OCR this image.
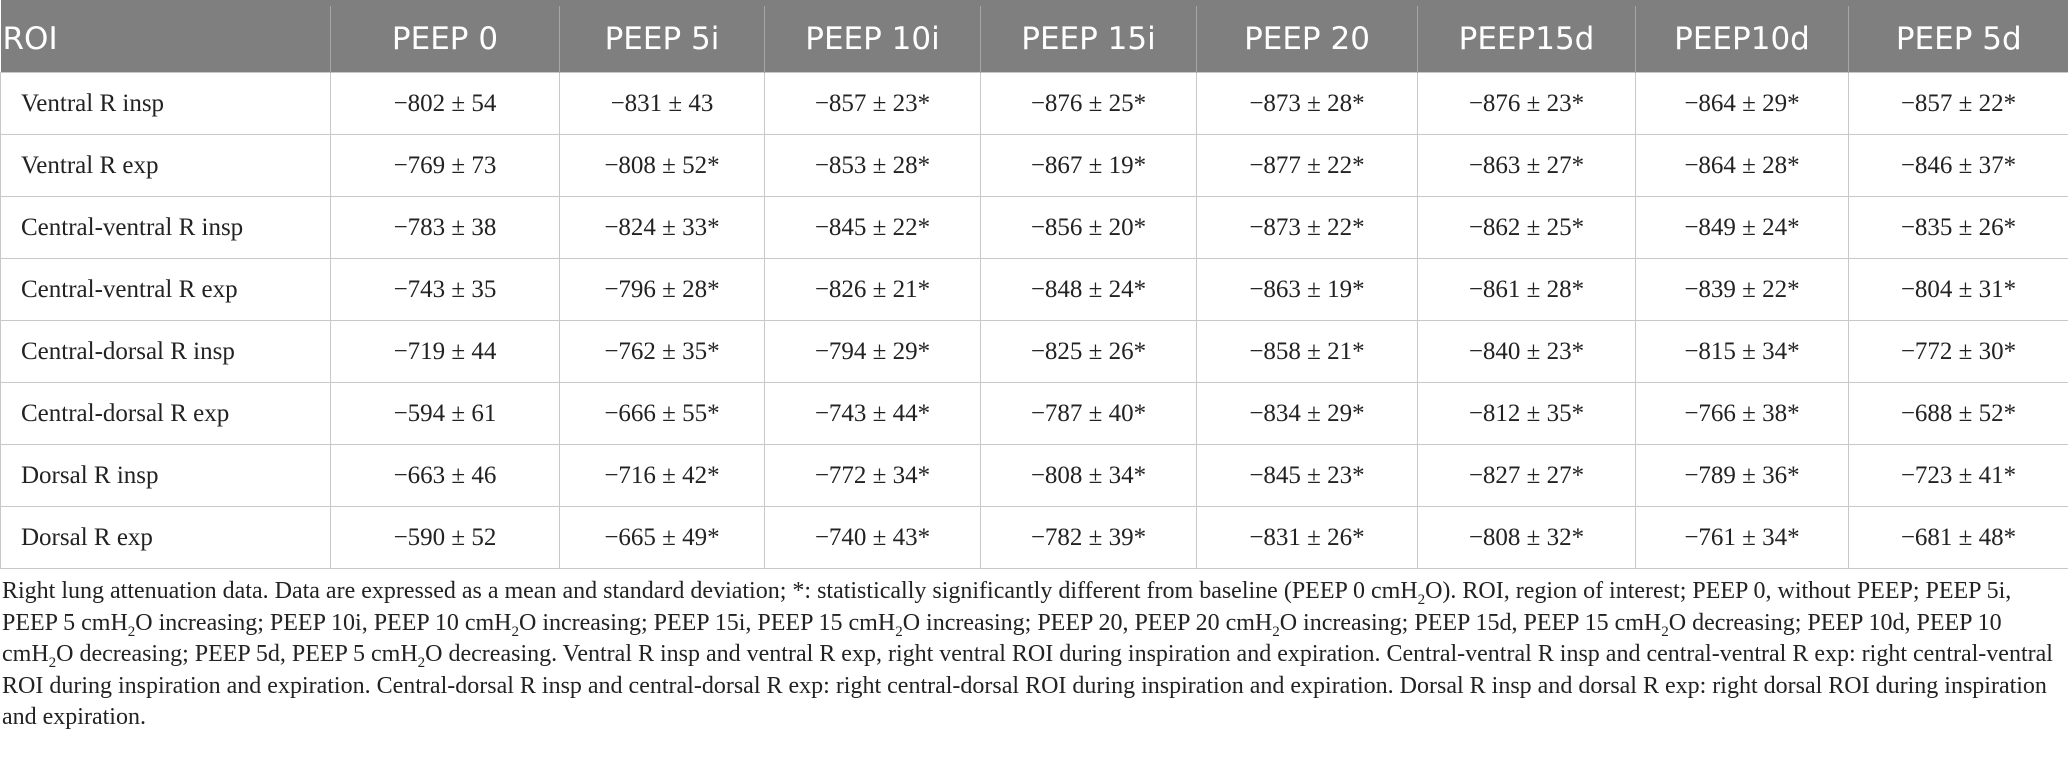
ROI	PEEP 0	PEEP 5i	PEEP 10i	PEEP 15i	PEEP 20	PEEP15d	PEEP10d	PEEP 5d
Ventral R insp	−802 ± 54	−831 ± 43	−857 ± 23*	−876 ± 25*	−873 ± 28*	−876 ± 23*	−864 ± 29*	−857 ± 22*
Ventral R exp	−769 ± 73	−808 ± 52*	−853 ± 28*	−867 ± 19*	−877 ± 22*	−863 ± 27*	−864 ± 28*	−846 ± 37*
Central-ventral R insp	−783 ± 38	−824 ± 33*	−845 ± 22*	−856 ± 20*	−873 ± 22*	−862 ± 25*	−849 ± 24*	−835 ± 26*
Central-ventral R exp	−743 ± 35	−796 ± 28*	−826 ± 21*	−848 ± 24*	−863 ± 19*	−861 ± 28*	−839 ± 22*	−804 ± 31*
Central-dorsal R insp	−719 ± 44	−762 ± 35*	−794 ± 29*	−825 ± 26*	−858 ± 21*	−840 ± 23*	−815 ± 34*	−772 ± 30*
Central-dorsal R exp	−594 ± 61	−666 ± 55*	−743 ± 44*	−787 ± 40*	−834 ± 29*	−812 ± 35*	−766 ± 38*	−688 ± 52*
Dorsal R insp	−663 ± 46	−716 ± 42*	−772 ± 34*	−808 ± 34*	−845 ± 23*	−827 ± 27*	−789 ± 36*	−723 ± 41*
Dorsal R exp	−590 ± 52	−665 ± 49*	−740 ± 43*	−782 ± 39*	−831 ± 26*	−808 ± 32*	−761 ± 34*	−681 ± 48*
Right lung attenuation data. Data are expressed as a mean and standard deviation; *: statistically significantly different from baseline (PEEP 0 cmH$_2$O). ROI, region of interest; PEEP 0, without PEEP; PEEP 5i, PEEP 5 cmH$_2$O increasing; PEEP 10i, PEEP 10 cmH$_2$O increasing; PEEP 15i, PEEP 15 cmH$_2$O increasing; PEEP 20, PEEP 20 cmH$_2$O increasing; PEEP 15d, PEEP 15 cmH$_2$O decreasing; PEEP 10d, PEEP 10 cmH$_2$O decreasing; PEEP 5d, PEEP 5 cmH$_2$O decreasing. Ventral R insp and ventral R exp, right ventral ROI during inspiration and expiration. Central-ventral R insp and central-ventral R exp: right central-ventral ROI during inspiration and expiration. Central-dorsal R insp and central-dorsal R exp: right central-dorsal ROI during inspiration and expiration. Dorsal R insp and dorsal R exp: right dorsal ROI during inspiration and expiration.
